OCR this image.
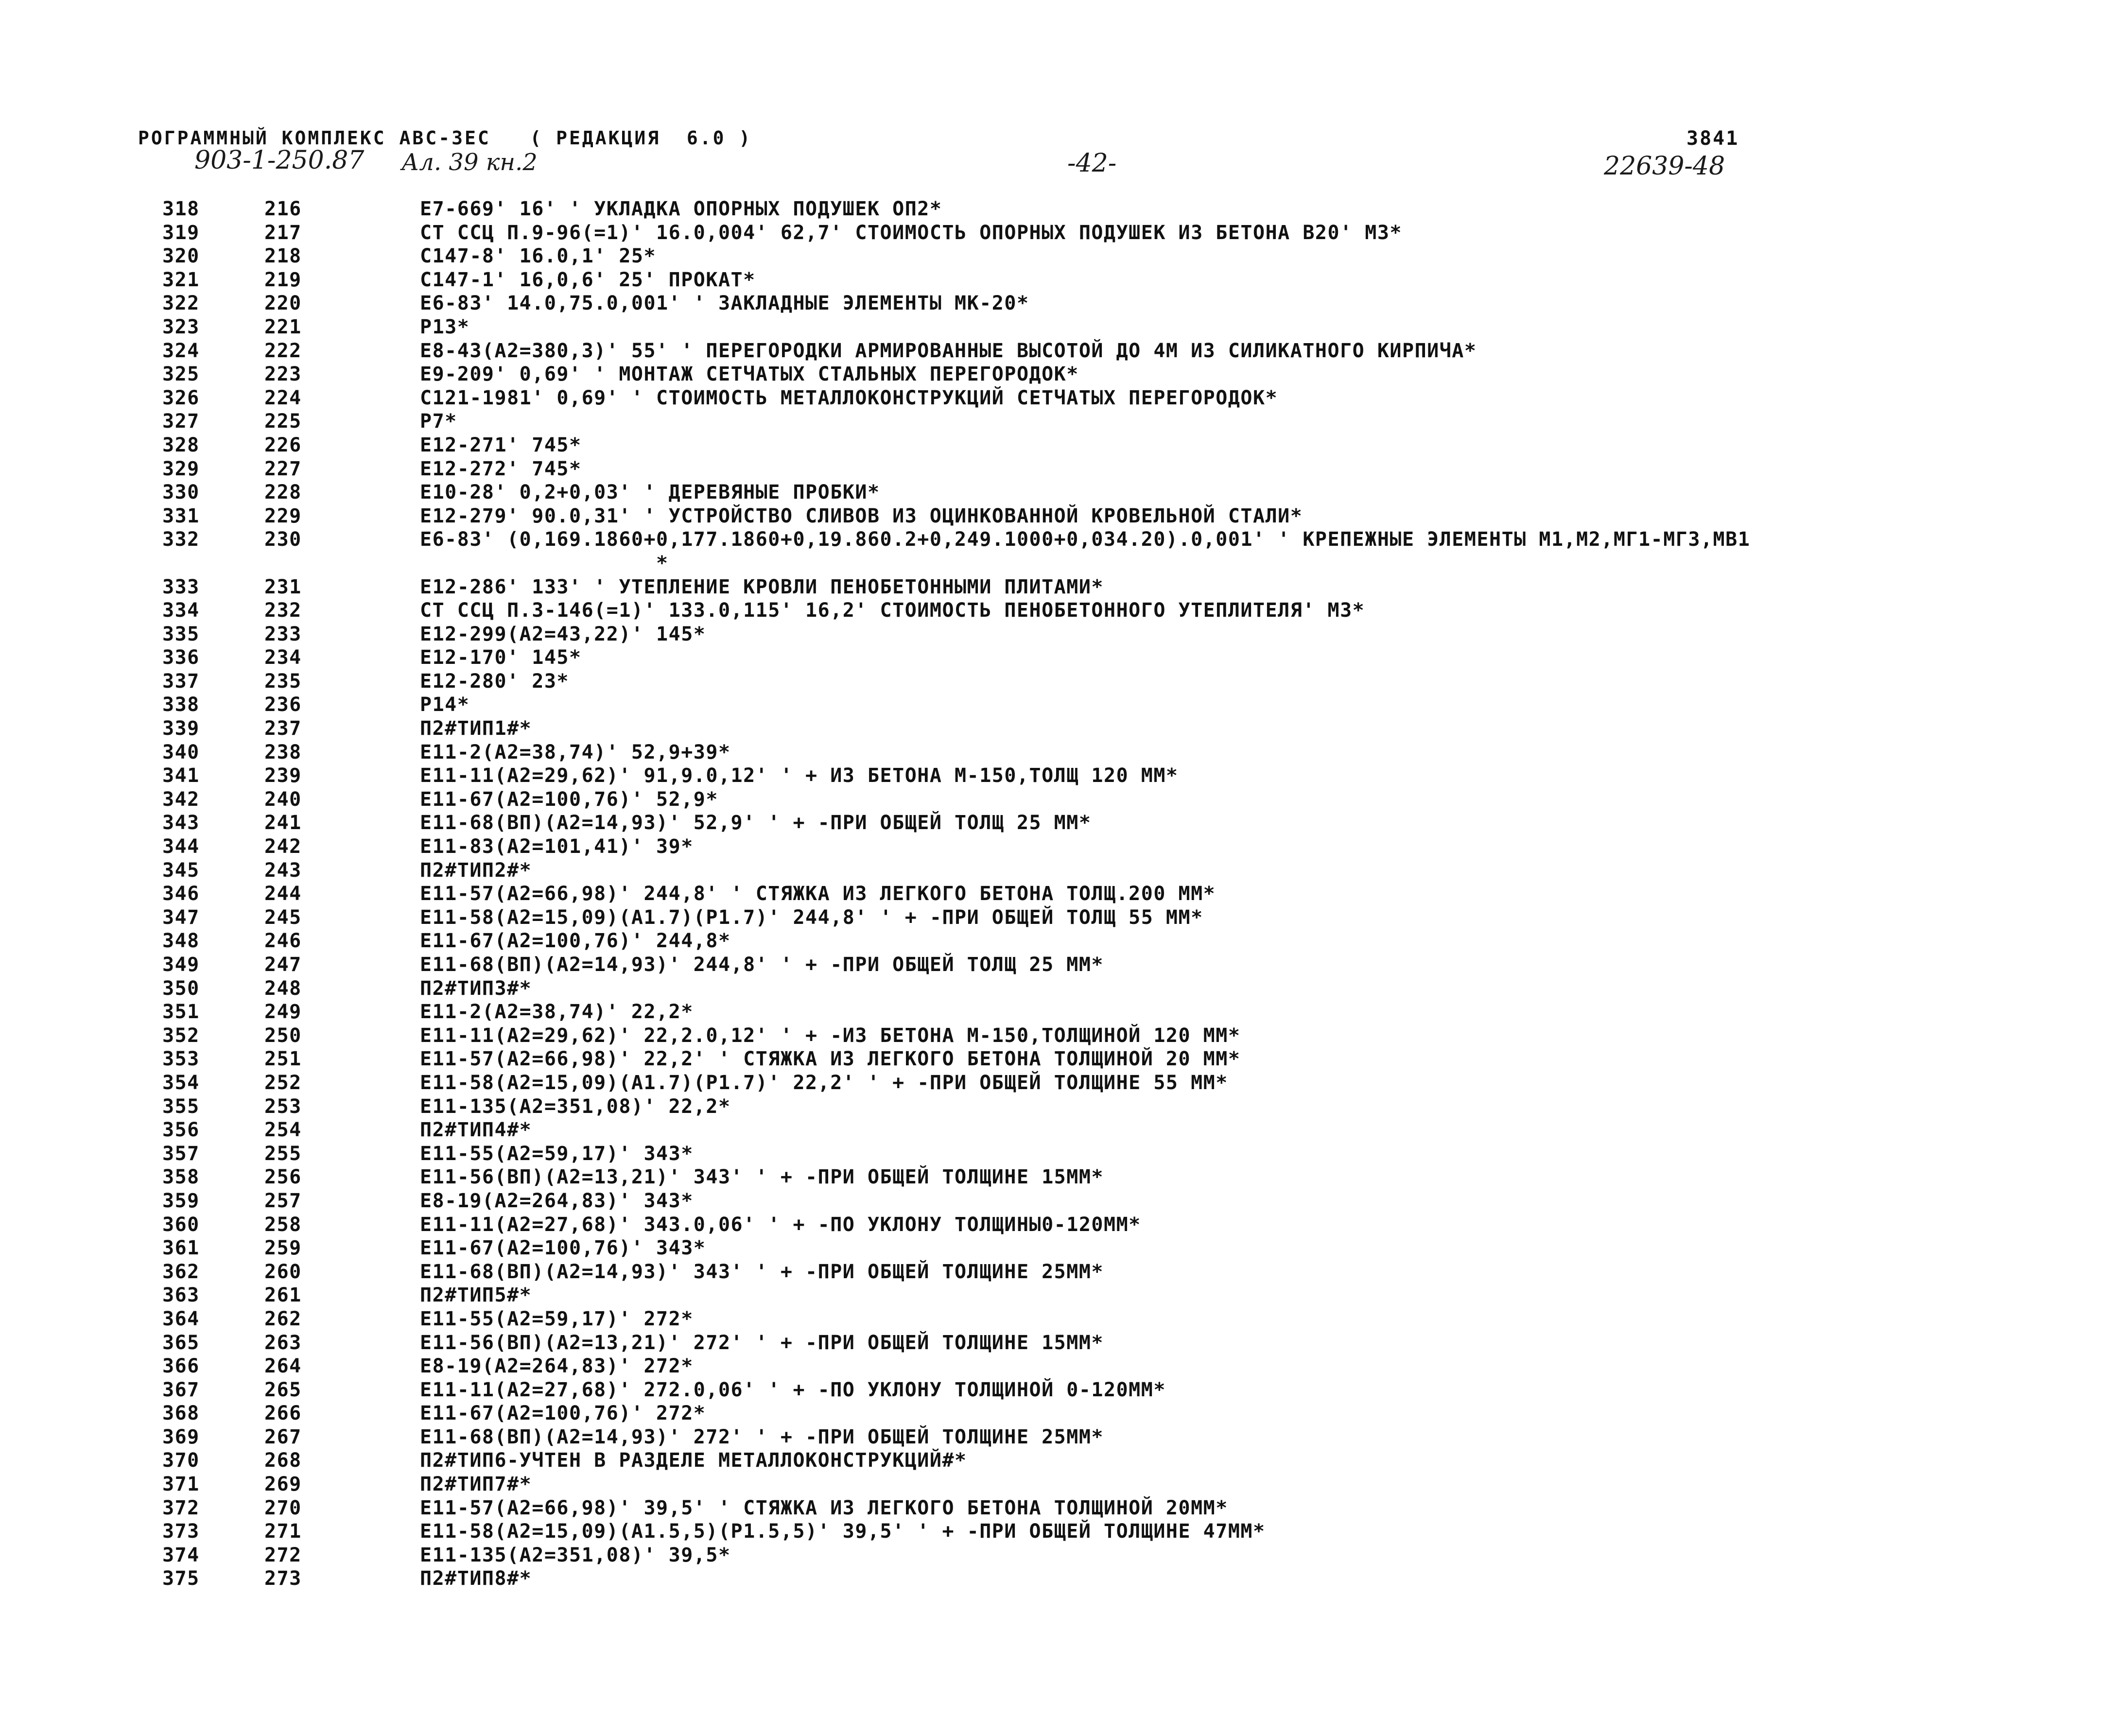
РОГРАММНЫЙ КОМПЛЕКС АВС-3ЕС   ( РЕДАКЦИЯ  6.0 )	3841
903-1-250.87 Ал. 39 кн.2	-42-	22639-48
318	216	Е7-669' 16' ' УКЛАДКА ОПОРНЫХ ПОДУШЕК ОП2*
319	217	СТ ССЦ П.9-96(=1)' 16.0,004' 62,7' СТОИМОСТЬ ОПОРНЫХ ПОДУШЕК ИЗ БЕТОНА В20' М3*
320	218	С147-8' 16.0,1' 25*
321	219	С147-1' 16,0,6' 25' ПРОКАТ*
322	220	Е6-83' 14.0,75.0,001' ' ЗАКЛАДНЫЕ ЭЛЕМЕНТЫ МК-20*
323	221	Р13*
324	222	Е8-43(А2=380,3)' 55' ' ПЕРЕГОРОДКИ АРМИРОВАННЫЕ ВЫСОТОЙ ДО 4М ИЗ СИЛИКАТНОГО КИРПИЧА*
325	223	Е9-209' 0,69' ' МОНТАЖ СЕТЧАТЫХ СТАЛЬНЫХ ПЕРЕГОРОДОК*
326	224	С121-1981' 0,69' ' СТОИМОСТЬ МЕТАЛЛОКОНСТРУКЦИЙ СЕТЧАТЫХ ПЕРЕГОРОДОК*
327	225	Р7*
328	226	Е12-271' 745*
329	227	Е12-272' 745*
330	228	Е10-28' 0,2+0,03' ' ДЕРЕВЯНЫЕ ПРОБКИ*
331	229	Е12-279' 90.0,31' ' УСТРОЙСТВО СЛИВОВ ИЗ ОЦИНКОВАННОЙ КРОВЕЛЬНОЙ СТАЛИ*
332	230	Е6-83' (0,169.1860+0,177.1860+0,19.860.2+0,249.1000+0,034.20).0,001' ' КРЕПЕЖНЫЕ ЭЛЕМЕНТЫ М1,М2,МГ1-МГ3,МВ1
*
333	231	Е12-286' 133' ' УТЕПЛЕНИЕ КРОВЛИ ПЕНОБЕТОННЫМИ ПЛИТАМИ*
334	232	СТ ССЦ П.3-146(=1)' 133.0,115' 16,2' СТОИМОСТЬ ПЕНОБЕТОННОГО УТЕПЛИТЕЛЯ' М3*
335	233	Е12-299(А2=43,22)' 145*
336	234	Е12-170' 145*
337	235	Е12-280' 23*
338	236	Р14*
339	237	П2#ТИП1#*
340	238	Е11-2(А2=38,74)' 52,9+39*
341	239	Е11-11(А2=29,62)' 91,9.0,12' ' + ИЗ БЕТОНА М-150,ТОЛЩ 120 ММ*
342	240	Е11-67(А2=100,76)' 52,9*
343	241	Е11-68(ВП)(А2=14,93)' 52,9' ' + -ПРИ ОБЩЕЙ ТОЛЩ 25 ММ*
344	242	Е11-83(А2=101,41)' 39*
345	243	П2#ТИП2#*
346	244	Е11-57(А2=66,98)' 244,8' ' СТЯЖКА ИЗ ЛЕГКОГО БЕТОНА ТОЛЩ.200 ММ*
347	245	Е11-58(А2=15,09)(А1.7)(Р1.7)' 244,8' ' + -ПРИ ОБЩЕЙ ТОЛЩ 55 ММ*
348	246	Е11-67(А2=100,76)' 244,8*
349	247	Е11-68(ВП)(А2=14,93)' 244,8' ' + -ПРИ ОБЩЕЙ ТОЛЩ 25 ММ*
350	248	П2#ТИП3#*
351	249	Е11-2(А2=38,74)' 22,2*
352	250	Е11-11(А2=29,62)' 22,2.0,12' ' + -ИЗ БЕТОНА М-150,ТОЛЩИНОЙ 120 ММ*
353	251	Е11-57(А2=66,98)' 22,2' ' СТЯЖКА ИЗ ЛЕГКОГО БЕТОНА ТОЛЩИНОЙ 20 ММ*
354	252	Е11-58(А2=15,09)(А1.7)(Р1.7)' 22,2' ' + -ПРИ ОБЩЕЙ ТОЛЩИНЕ 55 ММ*
355	253	Е11-135(А2=351,08)' 22,2*
356	254	П2#ТИП4#*
357	255	Е11-55(А2=59,17)' 343*
358	256	Е11-56(ВП)(А2=13,21)' 343' ' + -ПРИ ОБЩЕЙ ТОЛЩИНЕ 15ММ*
359	257	Е8-19(А2=264,83)' 343*
360	258	Е11-11(А2=27,68)' 343.0,06' ' + -ПО УКЛОНУ ТОЛЩИНЫ0-120ММ*
361	259	Е11-67(А2=100,76)' 343*
362	260	Е11-68(ВП)(А2=14,93)' 343' ' + -ПРИ ОБЩЕЙ ТОЛЩИНЕ 25ММ*
363	261	П2#ТИП5#*
364	262	Е11-55(А2=59,17)' 272*
365	263	Е11-56(ВП)(А2=13,21)' 272' ' + -ПРИ ОБЩЕЙ ТОЛЩИНЕ 15ММ*
366	264	Е8-19(А2=264,83)' 272*
367	265	Е11-11(А2=27,68)' 272.0,06' ' + -ПО УКЛОНУ ТОЛЩИНОЙ 0-120ММ*
368	266	Е11-67(А2=100,76)' 272*
369	267	Е11-68(ВП)(А2=14,93)' 272' ' + -ПРИ ОБЩЕЙ ТОЛЩИНЕ 25ММ*
370	268	П2#ТИП6-УЧТЕН В РАЗДЕЛЕ МЕТАЛЛОКОНСТРУКЦИЙ#*
371	269	П2#ТИП7#*
372	270	Е11-57(А2=66,98)' 39,5' ' СТЯЖКА ИЗ ЛЕГКОГО БЕТОНА ТОЛЩИНОЙ 20ММ*
373	271	Е11-58(А2=15,09)(А1.5,5)(Р1.5,5)' 39,5' ' + -ПРИ ОБЩЕЙ ТОЛЩИНЕ 47ММ*
374	272	Е11-135(А2=351,08)' 39,5*
375	273	П2#ТИП8#*
